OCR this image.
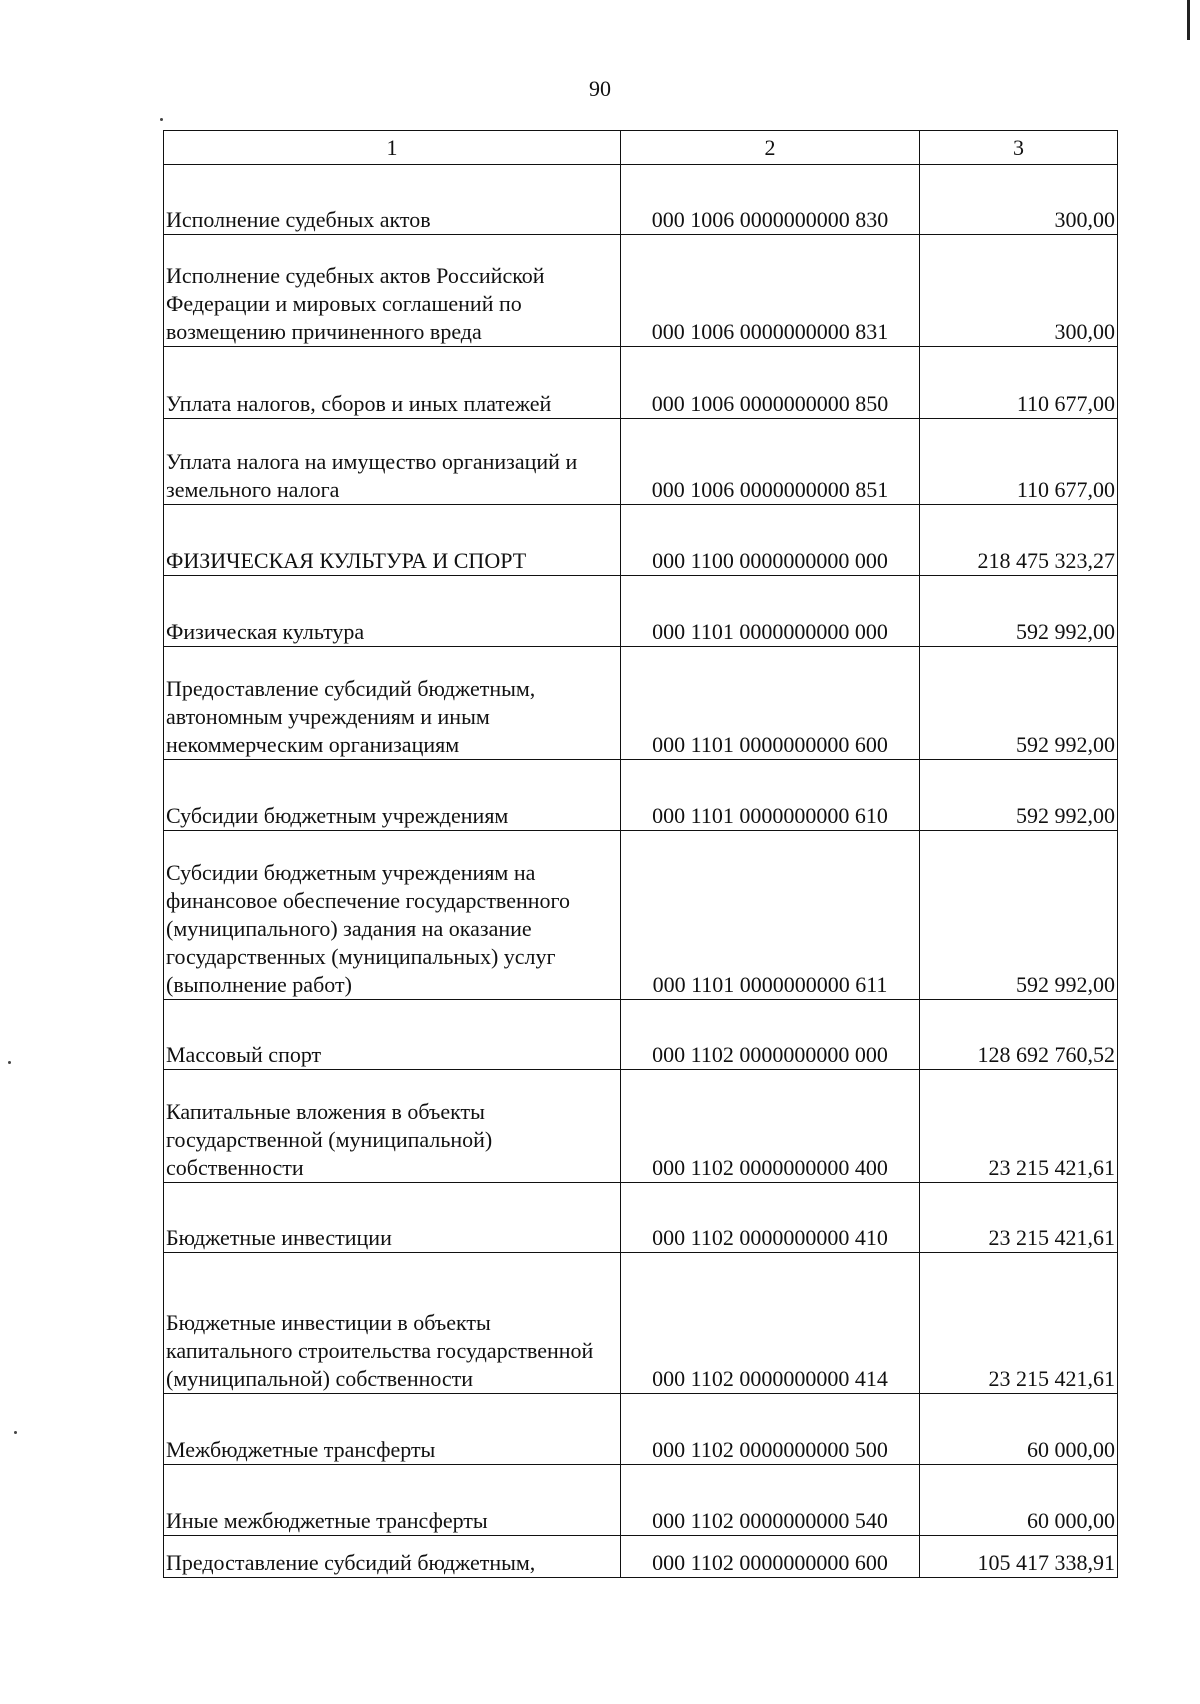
90
1	2	3
Исполнение судебных актов	000 1006 0000000000 830	300,00
Исполнение судебных актов Российской Федерации и мировых соглашений по возмещению причиненного вреда	000 1006 0000000000 831	300,00
Уплата налогов, сборов и иных платежей	000 1006 0000000000 850	110 677,00
Уплата налога на имущество организаций и земельного налога	000 1006 0000000000 851	110 677,00
ФИЗИЧЕСКАЯ КУЛЬТУРА И СПОРТ	000 1100 0000000000 000	218 475 323,27
Физическая культура	000 1101 0000000000 000	592 992,00
Предоставление субсидий бюджетным, автономным учреждениям и иным некоммерческим организациям	000 1101 0000000000 600	592 992,00
Субсидии бюджетным учреждениям	000 1101 0000000000 610	592 992,00
Субсидии бюджетным учреждениям на финансовое обеспечение государственного (муниципального) задания на оказание государственных (муниципальных) услуг (выполнение работ)	000 1101 0000000000 611	592 992,00
Массовый спорт	000 1102 0000000000 000	128 692 760,52
Капитальные вложения в объекты государственной (муниципальной) собственности	000 1102 0000000000 400	23 215 421,61
Бюджетные инвестиции	000 1102 0000000000 410	23 215 421,61
Бюджетные инвестиции в объекты капитального строительства государственной (муниципальной) собственности	000 1102 0000000000 414	23 215 421,61
Межбюджетные трансферты	000 1102 0000000000 500	60 000,00
Иные межбюджетные трансферты	000 1102 0000000000 540	60 000,00
Предоставление субсидий бюджетным,	000 1102 0000000000 600	105 417 338,91
